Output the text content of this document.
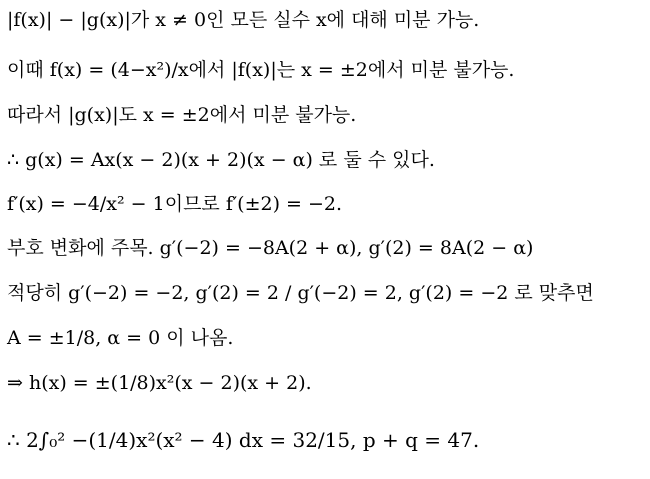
|f(x)| − |g(x)|가 x ≠ 0인 모든 실수 x에 대해 미분 가능.
이때 f(x) = (4−x²)/x에서 |f(x)|는 x = ±2에서 미분 불가능.
따라서 |g(x)|도 x = ±2에서 미분 불가능.
∴ g(x) = Ax(x − 2)(x + 2)(x − α) 로 둘 수 있다.
f′(x) = −4/x² − 1이므로 f′(±2) = −2.
부호 변화에 주목. g′(−2) = −8A(2 + α), g′(2) = 8A(2 − α)
적당히 g′(−2) = −2, g′(2) = 2 / g′(−2) = 2, g′(2) = −2 로 맞추면
A = ±1/8, α = 0 이 나옴.
⇒ h(x) = ±(1/8)x²(x − 2)(x + 2).
∴ 2∫₀² −(1/4)x²(x² − 4) dx = 32/15, p + q = 47.
